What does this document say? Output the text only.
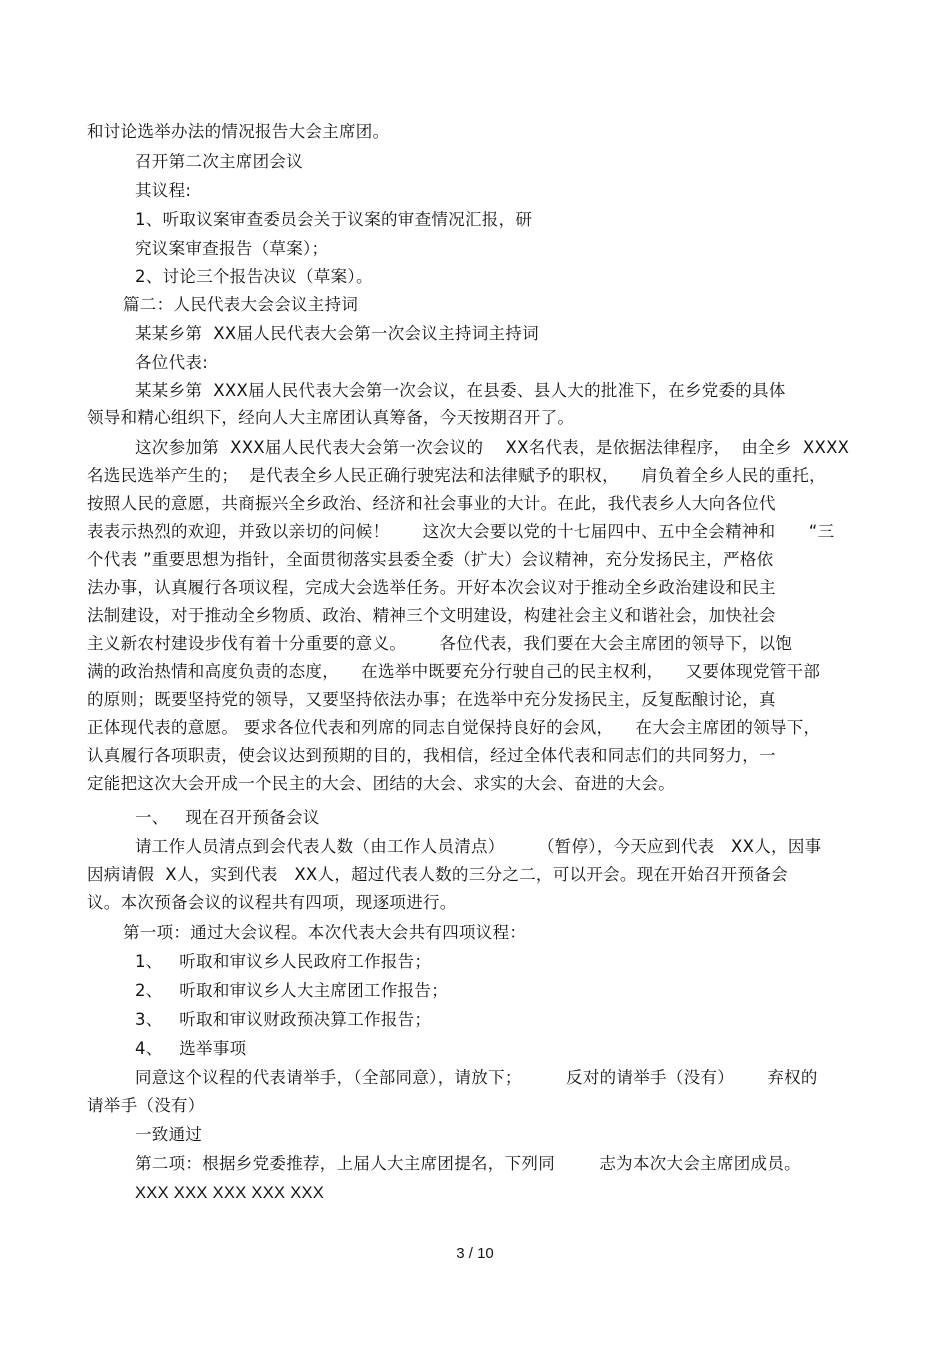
和讨论选举办法的情况报告大会主席团。

召开第二次主席团会议

其议程:

1、听取议案审查委员会关于议案的审查情况汇报，研

究议案审查报告（草案）；

2、讨论三个报告决议（草案）。

篇二：人民代表大会会议主持词

某某乡第  XX届人民代表大会第一次会议主持词主持词

各位代表:

某某乡第  XXX届人民代表大会第一次会议，在县委、县人大的批准下，在乡党委的具体

领导和精心组织下，经向人大主席团认真筹备，今天按期召开了。

这次参加第  XXX届人民代表大会第一次会议的    XX名代表，是依据法律程序，  由全乡  XXXX

名选民选举产生的；  是代表全乡人民正确行驶宪法和法律赋予的职权，    肩负着全乡人民的重托，

按照人民的意愿，共商振兴全乡政治、经济和社会事业的大计。在此，我代表乡人大向各位代

表表示热烈的欢迎，并致以亲切的问候！      这次大会要以党的十七届四中、五中全会精神和      “三

个代表 ”重要思想为指针，全面贯彻落实县委全委（扩大）会议精神，充分发扬民主，严格依

法办事，认真履行各项议程，完成大会选举任务。开好本次会议对于推动全乡政治建设和民主

法制建设，对于推动全乡物质、政治、精神三个文明建设，构建社会主义和谐社会，加快社会

主义新农村建设步伐有着十分重要的意义。      各位代表，我们要在大会主席团的领导下，以饱

满的政治热情和高度负责的态度，    在选举中既要充分行驶自己的民主权利，    又要体现党管干部

的原则；既要坚持党的领导，又要坚持依法办事；在选举中充分发扬民主，反复酝酿讨论，真

正体现代表的意愿。 要求各位代表和列席的同志自觉保持良好的会风，    在大会主席团的领导下，

认真履行各项职责，使会议达到预期的目的，我相信，经过全体代表和同志们的共同努力，一

定能把这次大会开成一个民主的大会、团结的大会、求实的大会、奋进的大会。

一、   现在召开预备会议

请工作人员清点到会代表人数（由工作人员清点）      （暂停），今天应到代表   XX人，因事

因病请假  X人，实到代表   XX人，超过代表人数的三分之二，可以开会。现在开始召开预备会

议。本次预备会议的议程共有四项，现逐项进行。

第一项：通过大会议程。本次代表大会共有四项议程：

1、   听取和审议乡人民政府工作报告；

2、   听取和审议乡人大主席团工作报告；

3、   听取和审议财政预决算工作报告；

4、   选举事项

同意这个议程的代表请举手，（全部同意），请放下；        反对的请举手（没有）      弃权的

请举手（没有）

一致通过

第二项：根据乡党委推荐，上届人大主席团提名，下列同        志为本次大会主席团成员。

XXX XXX XXX XXX XXX

3 / 10
